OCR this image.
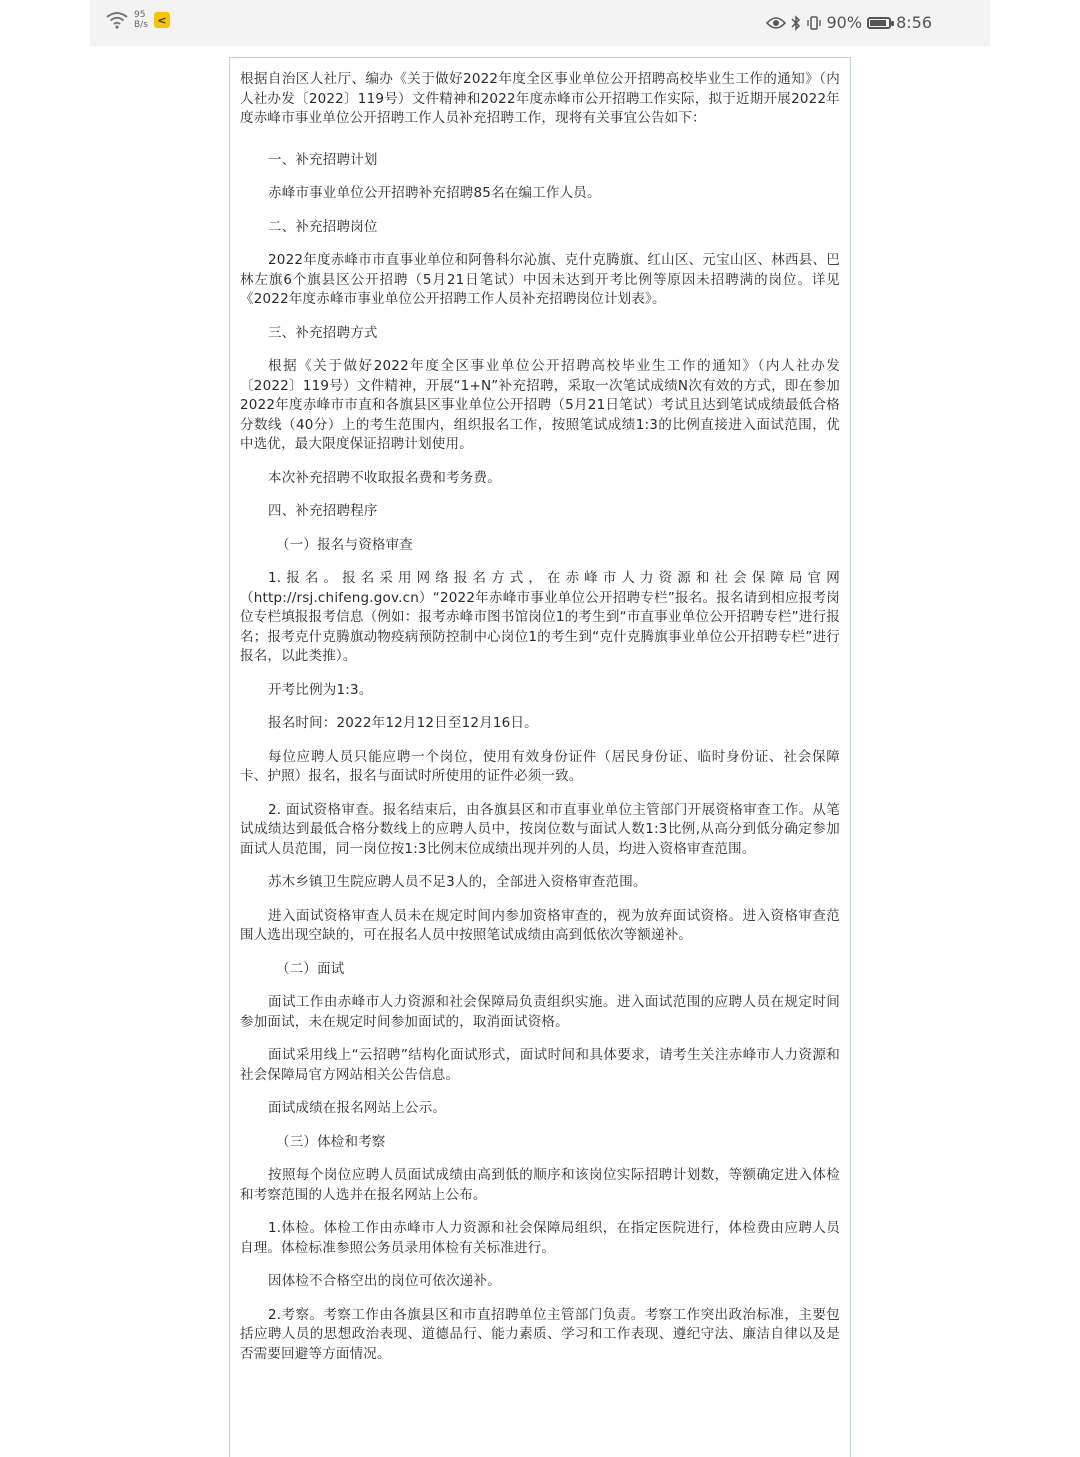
95
B/s <	90% 8:56

根据自治区人社厅、编办《关于做好2022年度全区事业单位公开招聘高校毕业生工作的通知》（内人社办发〔2022〕119号）文件精神和2022年度赤峰市公开招聘工作实际，拟于近期开展2022年度赤峰市事业单位公开招聘工作人员补充招聘工作，现将有关事宜公告如下：

一、补充招聘计划

赤峰市事业单位公开招聘补充招聘85名在编工作人员。

二、补充招聘岗位

2022年度赤峰市市直事业单位和阿鲁科尔沁旗、克什克腾旗、红山区、元宝山区、林西县、巴林左旗6个旗县区公开招聘（5月21日笔试）中因未达到开考比例等原因未招聘满的岗位。详见《2022年度赤峰市事业单位公开招聘工作人员补充招聘岗位计划表》。

三、补充招聘方式

根据《关于做好2022年度全区事业单位公开招聘高校毕业生工作的通知》（内人社办发〔2022〕119号）文件精神，开展“1+N”补充招聘，采取一次笔试成绩N次有效的方式，即在参加2022年度赤峰市市直和各旗县区事业单位公开招聘（5月21日笔试）考试且达到笔试成绩最低合格分数线（40分）上的考生范围内，组织报名工作，按照笔试成绩1:3的比例直接进入面试范围，优中选优，最大限度保证招聘计划使用。

本次补充招聘不收取报名费和考务费。

四、补充招聘程序

（一）报名与资格审查

1.报名。报名采用网络报名方式，在赤峰市人力资源和社会保障局官网（http://rsj.chifeng.gov.cn）“2022年赤峰市事业单位公开招聘专栏”报名。报名请到相应报考岗位专栏填报报考信息（例如：报考赤峰市图书馆岗位1的考生到“市直事业单位公开招聘专栏”进行报名；报考克什克腾旗动物疫病预防控制中心岗位1的考生到“克什克腾旗事业单位公开招聘专栏”进行报名，以此类推）。

开考比例为1:3。

报名时间：2022年12月12日至12月16日。

每位应聘人员只能应聘一个岗位，使用有效身份证件（居民身份证、临时身份证、社会保障卡、护照）报名，报名与面试时所使用的证件必须一致。

2. 面试资格审查。报名结束后，由各旗县区和市直事业单位主管部门开展资格审查工作。从笔试成绩达到最低合格分数线上的应聘人员中，按岗位数与面试人数1:3比例,从高分到低分确定参加面试人员范围，同一岗位按1:3比例末位成绩出现并列的人员，均进入资格审查范围。

苏木乡镇卫生院应聘人员不足3人的，全部进入资格审查范围。

进入面试资格审查人员未在规定时间内参加资格审查的，视为放弃面试资格。进入资格审查范围人选出现空缺的，可在报名人员中按照笔试成绩由高到低依次等额递补。

（二）面试

面试工作由赤峰市人力资源和社会保障局负责组织实施。进入面试范围的应聘人员在规定时间参加面试，未在规定时间参加面试的，取消面试资格。

面试采用线上“云招聘”结构化面试形式，面试时间和具体要求，请考生关注赤峰市人力资源和社会保障局官方网站相关公告信息。

面试成绩在报名网站上公示。

（三）体检和考察

按照每个岗位应聘人员面试成绩由高到低的顺序和该岗位实际招聘计划数，等额确定进入体检和考察范围的人选并在报名网站上公布。

1.体检。体检工作由赤峰市人力资源和社会保障局组织，在指定医院进行，体检费由应聘人员自理。体检标准参照公务员录用体检有关标准进行。

因体检不合格空出的岗位可依次递补。

2.考察。考察工作由各旗县区和市直招聘单位主管部门负责。考察工作突出政治标准，主要包括应聘人员的思想政治表现、道德品行、能力素质、学习和工作表现、遵纪守法、廉洁自律以及是否需要回避等方面情况。
